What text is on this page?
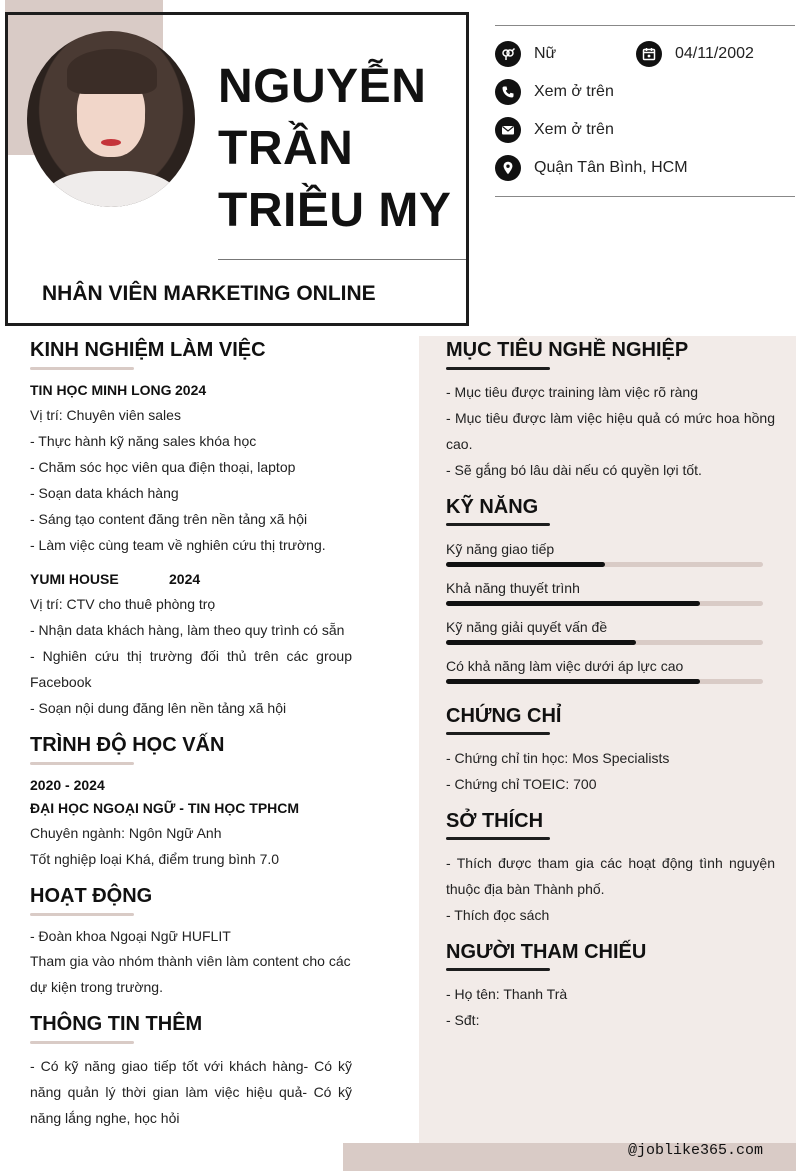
NGUYỄN
TRẦN
TRIỀU MY
NHÂN VIÊN MARKETING ONLINE
Nữ	04/11/2002
Xem ở trên
Xem ở trên
Quận Tân Bình, HCM
KINH NGHIỆM LÀM VIỆC
TIN HỌC MINH LONG 2024
Vị trí: Chuyên viên sales
- Thực hành kỹ năng sales khóa học
- Chăm sóc học viên qua điện thoại, laptop
- Soạn data khách hàng
- Sáng tạo content đăng trên nền tảng xã hội
- Làm việc cùng team về nghiên cứu thị trường.
YUMI HOUSE	2024
Vị trí: CTV cho thuê phòng trọ
- Nhận data khách hàng, làm theo quy trình có sẵn
- Nghiên cứu thị trường đối thủ trên các group Facebook
- Soạn nội dung đăng lên nền tảng xã hội
TRÌNH ĐỘ HỌC VẤN
2020 - 2024
ĐẠI HỌC NGOẠI NGỮ - TIN HỌC TPHCM
Chuyên ngành: Ngôn Ngữ Anh
Tốt nghiệp loại Khá, điểm trung bình 7.0
HOẠT ĐỘNG
- Đoàn khoa Ngoại Ngữ HUFLIT
Tham gia vào nhóm thành viên làm content cho các dự kiện trong trường.
THÔNG TIN THÊM
- Có kỹ năng giao tiếp tốt với khách hàng- Có kỹ năng quản lý thời gian làm việc hiệu quả- Có kỹ năng lắng nghe, học hỏi
MỤC TIÊU NGHỀ NGHIỆP
- Mục tiêu được training làm việc rõ ràng
- Mục tiêu được làm việc hiệu quả có mức hoa hồng cao.
- Sẽ gắng bó lâu dài nếu có quyền lợi tốt.
KỸ NĂNG
Kỹ năng giao tiếp
Khả năng thuyết trình
Kỹ năng giải quyết vấn đề
Có khả năng làm việc dưới áp lực cao
CHỨNG CHỈ
- Chứng chỉ tin học: Mos Specialists
- Chứng chỉ TOEIC: 700
SỞ THÍCH
- Thích được tham gia các hoạt động tình nguyện thuộc địa bàn Thành phố.
- Thích đọc sách
NGƯỜI THAM CHIẾU
- Họ tên: Thanh Trà
- Sđt:
@joblike365.com
